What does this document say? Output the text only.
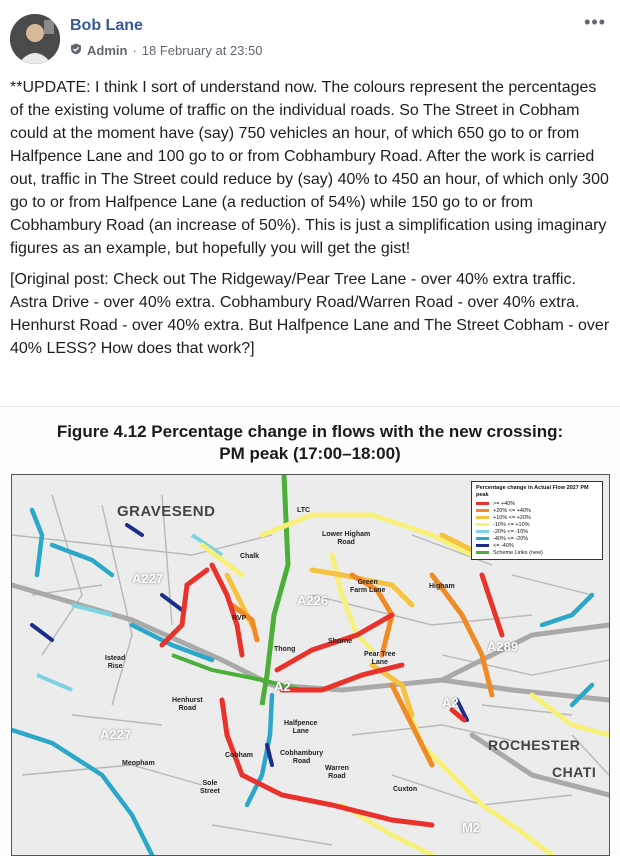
Bob Lane
Admin · 18 February at 23:50
•••

**UPDATE: I think I sort of understand now. The colours represent the percentages of the existing volume of traffic on the individual roads. So The Street in Cobham could at the moment have (say) 750 vehicles an hour, of which 650 go to or from Halfpence Lane and 100 go to or from Cobhambury Road. After the work is carried out, traffic in The Street could reduce by (say) 40% to 450 an hour, of which only 300 go to or from Halfpence Lane (a reduction of 54%) while 150 go to or from Cobhambury Road (an increase of 50%). This is just a simplification using imaginary figures as an example, but hopefully you will get the gist!

[Original post: Check out The Ridgeway/Pear Tree Lane - over 40% extra traffic. Astra Drive - over 40% extra. Cobhambury Road/Warren Road - over 40% extra. Henhurst Road - over 40% extra. But Halfpence Lane and The Street Cobham - over 40% LESS? How does that work?]

Figure 4.12 Percentage change in flows with the new crossing:
PM peak (17:00–18:00)
Percentage change in Actual Flow 2027 PM peak
>= +40%
+20% <= +40%
+10% <= +20%
-10% <= +10%
-20% <= -10%
-40% <= -20%
<= -40%
Scheme Links (new)
GRAVESEND	LTC
Chalk
Lower Higham
Road
Higham
Green
Farm Lane
RVP
Thong
Shorne
Pear Tree
Lane
Istead
Rise
Henhurst
Road
Halfpence
Lane
Cobham	Cobhambury
Road
Warren
Road
Meopham
Sole
Street	Cuxton
ROCHESTER
CHATI
A227
A226
A2
A2
A289
A227
M2
